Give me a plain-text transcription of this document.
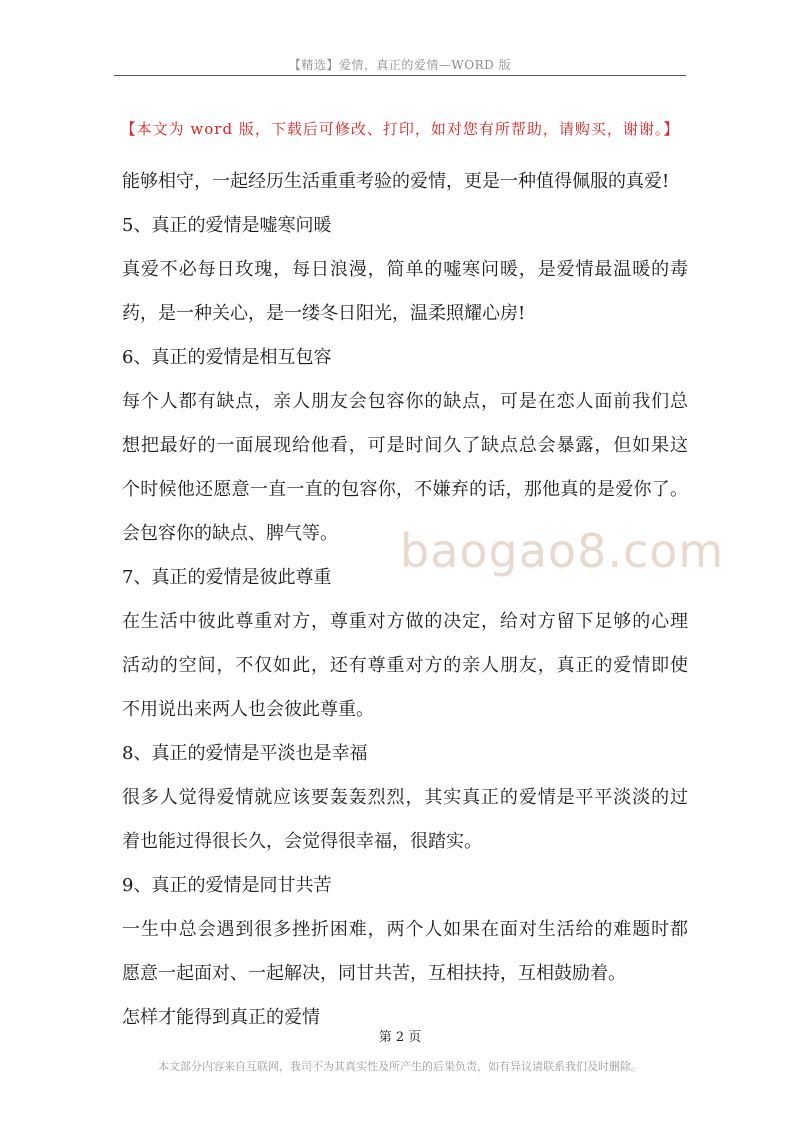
【精选】爱情，真正的爱情—WORD 版
【本文为 word 版，下载后可修改、打印，如对您有所帮助，请购买，谢谢。】
baogao8.com
能够相守，一起经历生活重重考验的爱情，更是一种值得佩服的真爱!
5、真正的爱情是嘘寒问暖
真爱不必每日玫瑰，每日浪漫，简单的嘘寒问暖，是爱情最温暖的毒
药，是一种关心，是一缕冬日阳光，温柔照耀心房!
6、真正的爱情是相互包容
每个人都有缺点，亲人朋友会包容你的缺点，可是在恋人面前我们总
想把最好的一面展现给他看，可是时间久了缺点总会暴露，但如果这
个时候他还愿意一直一直的包容你，不嫌弃的话，那他真的是爱你了。
会包容你的缺点、脾气等。
7、真正的爱情是彼此尊重
在生活中彼此尊重对方，尊重对方做的决定，给对方留下足够的心理
活动的空间，不仅如此，还有尊重对方的亲人朋友，真正的爱情即使
不用说出来两人也会彼此尊重。
8、真正的爱情是平淡也是幸福
很多人觉得爱情就应该要轰轰烈烈，其实真正的爱情是平平淡淡的过
着也能过得很长久，会觉得很幸福，很踏实。
9、真正的爱情是同甘共苦
一生中总会遇到很多挫折困难，两个人如果在面对生活给的难题时都
愿意一起面对、一起解决，同甘共苦，互相扶持，互相鼓励着。
怎样才能得到真正的爱情
第 2 页
本文部分内容来自互联网，我司不为其真实性及所产生的后果负责，如有异议请联系我们及时删除。
